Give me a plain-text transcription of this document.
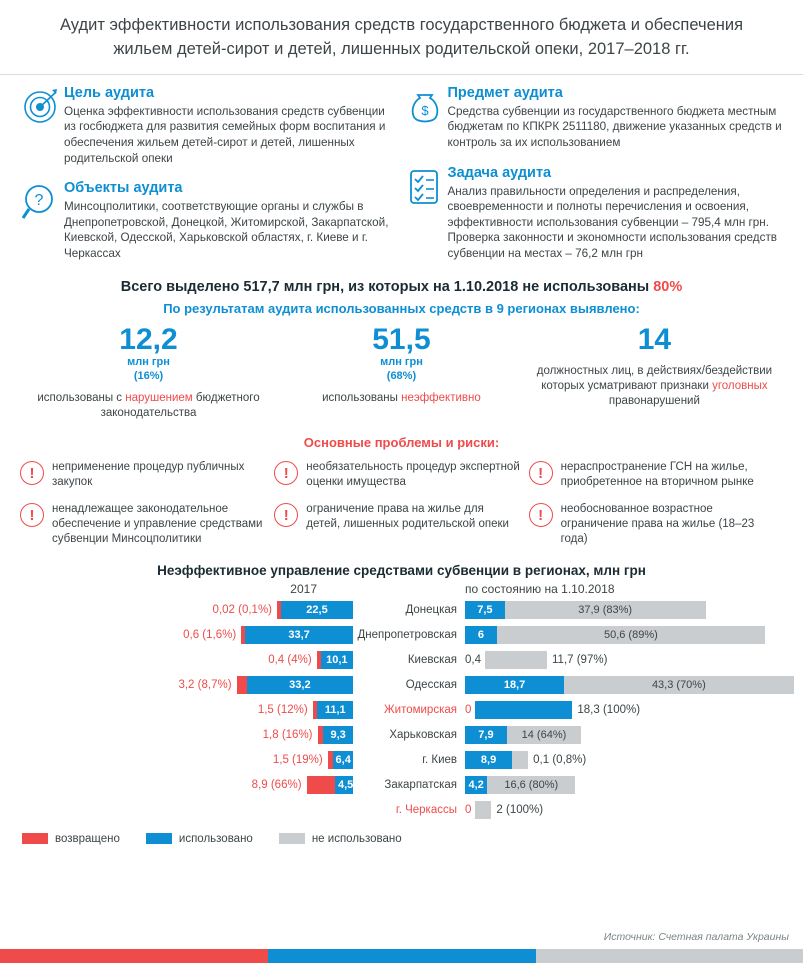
Аудит эффективности использования средств государственного бюджета и обеспечения жильем детей-сирот и детей, лишенных родительской опеки, 2017–2018 гг.
Цель аудита

Оценка эффективности использования средств субвенции из госбюджета для развития семейных форм воспитания и обеспечения жильем детей-сирот и детей, лишенных родительской опеки

?
Объекты аудита

Минсоцполитики, соответствующие органы и службы в Днепропетровской, Донецкой, Житомирской, Закарпатской, Киевской, Одесской, Харьковской областях, г. Киеве и г. Черкассах

$
Предмет аудита

Средства субвенции из государственного бюджета местным бюджетам по КПКРК 2511180, движение указанных средств и контроль за их использованием

Задача аудита

Анализ правильности определения и распределения, своевременности и полноты перечисления и освоения, эффективности использования субвенции – 795,4 млн грн. Проверка законности и экономности использования средств субвенции на местах – 76,2 млн грн

Всего выделено 517,7 млн грн, из которых на 1.10.2018 не использованы 80%
По результатам аудита использованных средств в 9 регионах выявлено:
12,2
млн грн
(16%)
использованы с нарушением бюджетного законодательства
51,5
млн грн
(68%)
использованы неэффективно
14
должностных лиц, в действиях/бездействии которых усматривают признаки уголовных правонарушений
Основные проблемы и риски:
!	неприменение процедур публичных закупок
!	необязательность процедур экспертной оценки имущества
!	нераспространение ГСН на жилье, приобретенное на вторичном рынке
!	ненадлежащее законодательное обеспечение и управление средствами субвенции Минсоцполитики
!	ограничение права на жилье для детей, лишенных родительской опеки
!	необоснованное возрастное ограничение права на жилье (18–23 года)
Неэффективное управление средствами субвенции в регионах, млн грн
2017	по состоянию на 1.10.2018
0,02 (0,1%)	22,5	Донецкая	7,5	37,9 (83%)
0,6 (1,6%)	33,7	Днепропетровская	6	50,6 (89%)
0,4 (4%)	10,1	Киевская 0,4	11,7 (97%)
3,2 (8,7%)	33,2	Одесская	18,7	43,3 (70%)
1,5 (12%)	11,1	Житомирская 0	18,3 (100%)
1,8 (16%)	9,3	Харьковская	7,9	14 (64%)
1,5 (19%) 6,4	г. Киев	8,9	0,1 (0,8%)
8,9 (66%)	4,5	Закарпатская	4,2	16,6 (80%)
г. Черкассы 0 2 (100%)
возвращено	использовано	не использовано
Источник: Счетная палата Украины
